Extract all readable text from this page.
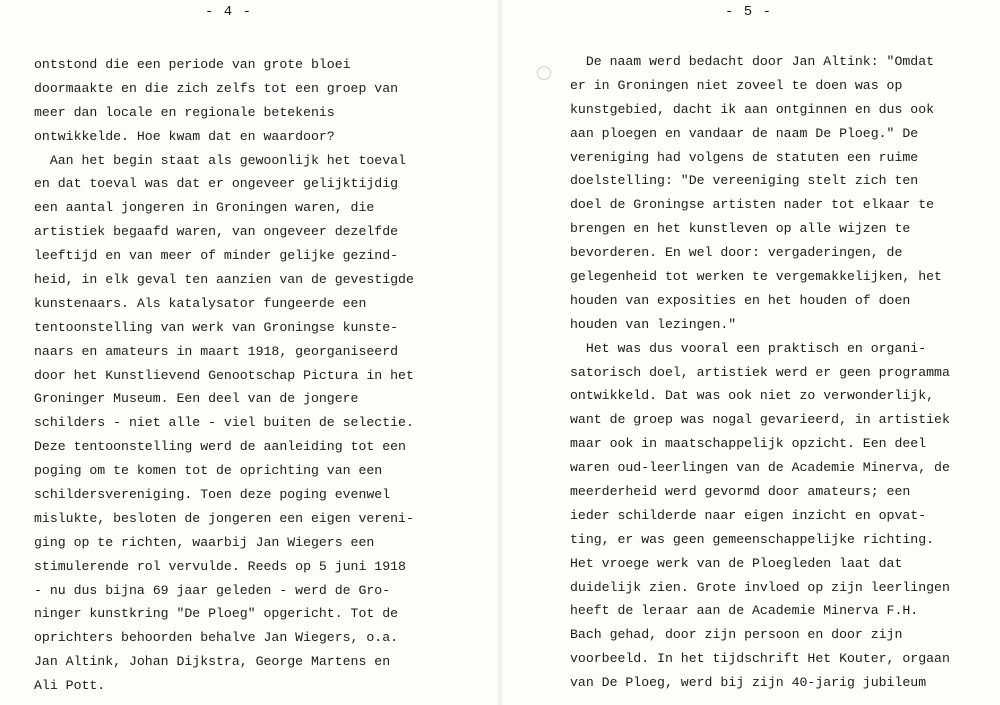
- 4 -
ontstond die een periode van grote bloei
doormaakte en die zich zelfs tot een groep van
meer dan locale en regionale betekenis
ontwikkelde. Hoe kwam dat en waardoor?
Aan het begin staat als gewoonlijk het toeval
en dat toeval was dat er ongeveer gelijktijdig
een aantal jongeren in Groningen waren, die
artistiek begaafd waren, van ongeveer dezelfde
leeftijd en van meer of minder gelijke gezind-
heid, in elk geval ten aanzien van de gevestigde
kunstenaars. Als katalysator fungeerde een
tentoonstelling van werk van Groningse kunste-
naars en amateurs in maart 1918, georganiseerd
door het Kunstlievend Genootschap Pictura in het
Groninger Museum. Een deel van de jongere
schilders - niet alle - viel buiten de selectie.
Deze tentoonstelling werd de aanleiding tot een
poging om te komen tot de oprichting van een
schildersvereniging. Toen deze poging evenwel
mislukte, besloten de jongeren een eigen vereni-
ging op te richten, waarbij Jan Wiegers een
stimulerende rol vervulde. Reeds op 5 juni 1918
- nu dus bijna 69 jaar geleden - werd de Gro-
ninger kunstkring "De Ploeg" opgericht. Tot de
oprichters behoorden behalve Jan Wiegers, o.a.
Jan Altink, Johan Dijkstra, George Martens en
Ali Pott.
- 5 -
De naam werd bedacht door Jan Altink: "Omdat
er in Groningen niet zoveel te doen was op
kunstgebied, dacht ik aan ontginnen en dus ook
aan ploegen en vandaar de naam De Ploeg." De
vereniging had volgens de statuten een ruime
doelstelling: "De vereeniging stelt zich ten
doel de Groningse artisten nader tot elkaar te
brengen en het kunstleven op alle wijzen te
bevorderen. En wel door: vergaderingen, de
gelegenheid tot werken te vergemakkelijken, het
houden van exposities en het houden of doen
houden van lezingen."
Het was dus vooral een praktisch en organi-
satorisch doel, artistiek werd er geen programma
ontwikkeld. Dat was ook niet zo verwonderlijk,
want de groep was nogal gevarieerd, in artistiek
maar ook in maatschappelijk opzicht. Een deel
waren oud-leerlingen van de Academie Minerva, de
meerderheid werd gevormd door amateurs; een
ieder schilderde naar eigen inzicht en opvat-
ting, er was geen gemeenschappelijke richting.
Het vroege werk van de Ploegleden laat dat
duidelijk zien. Grote invloed op zijn leerlingen
heeft de leraar aan de Academie Minerva F.H.
Bach gehad, door zijn persoon en door zijn
voorbeeld. In het tijdschrift Het Kouter, orgaan
van De Ploeg, werd bij zijn 40-jarig jubileum
